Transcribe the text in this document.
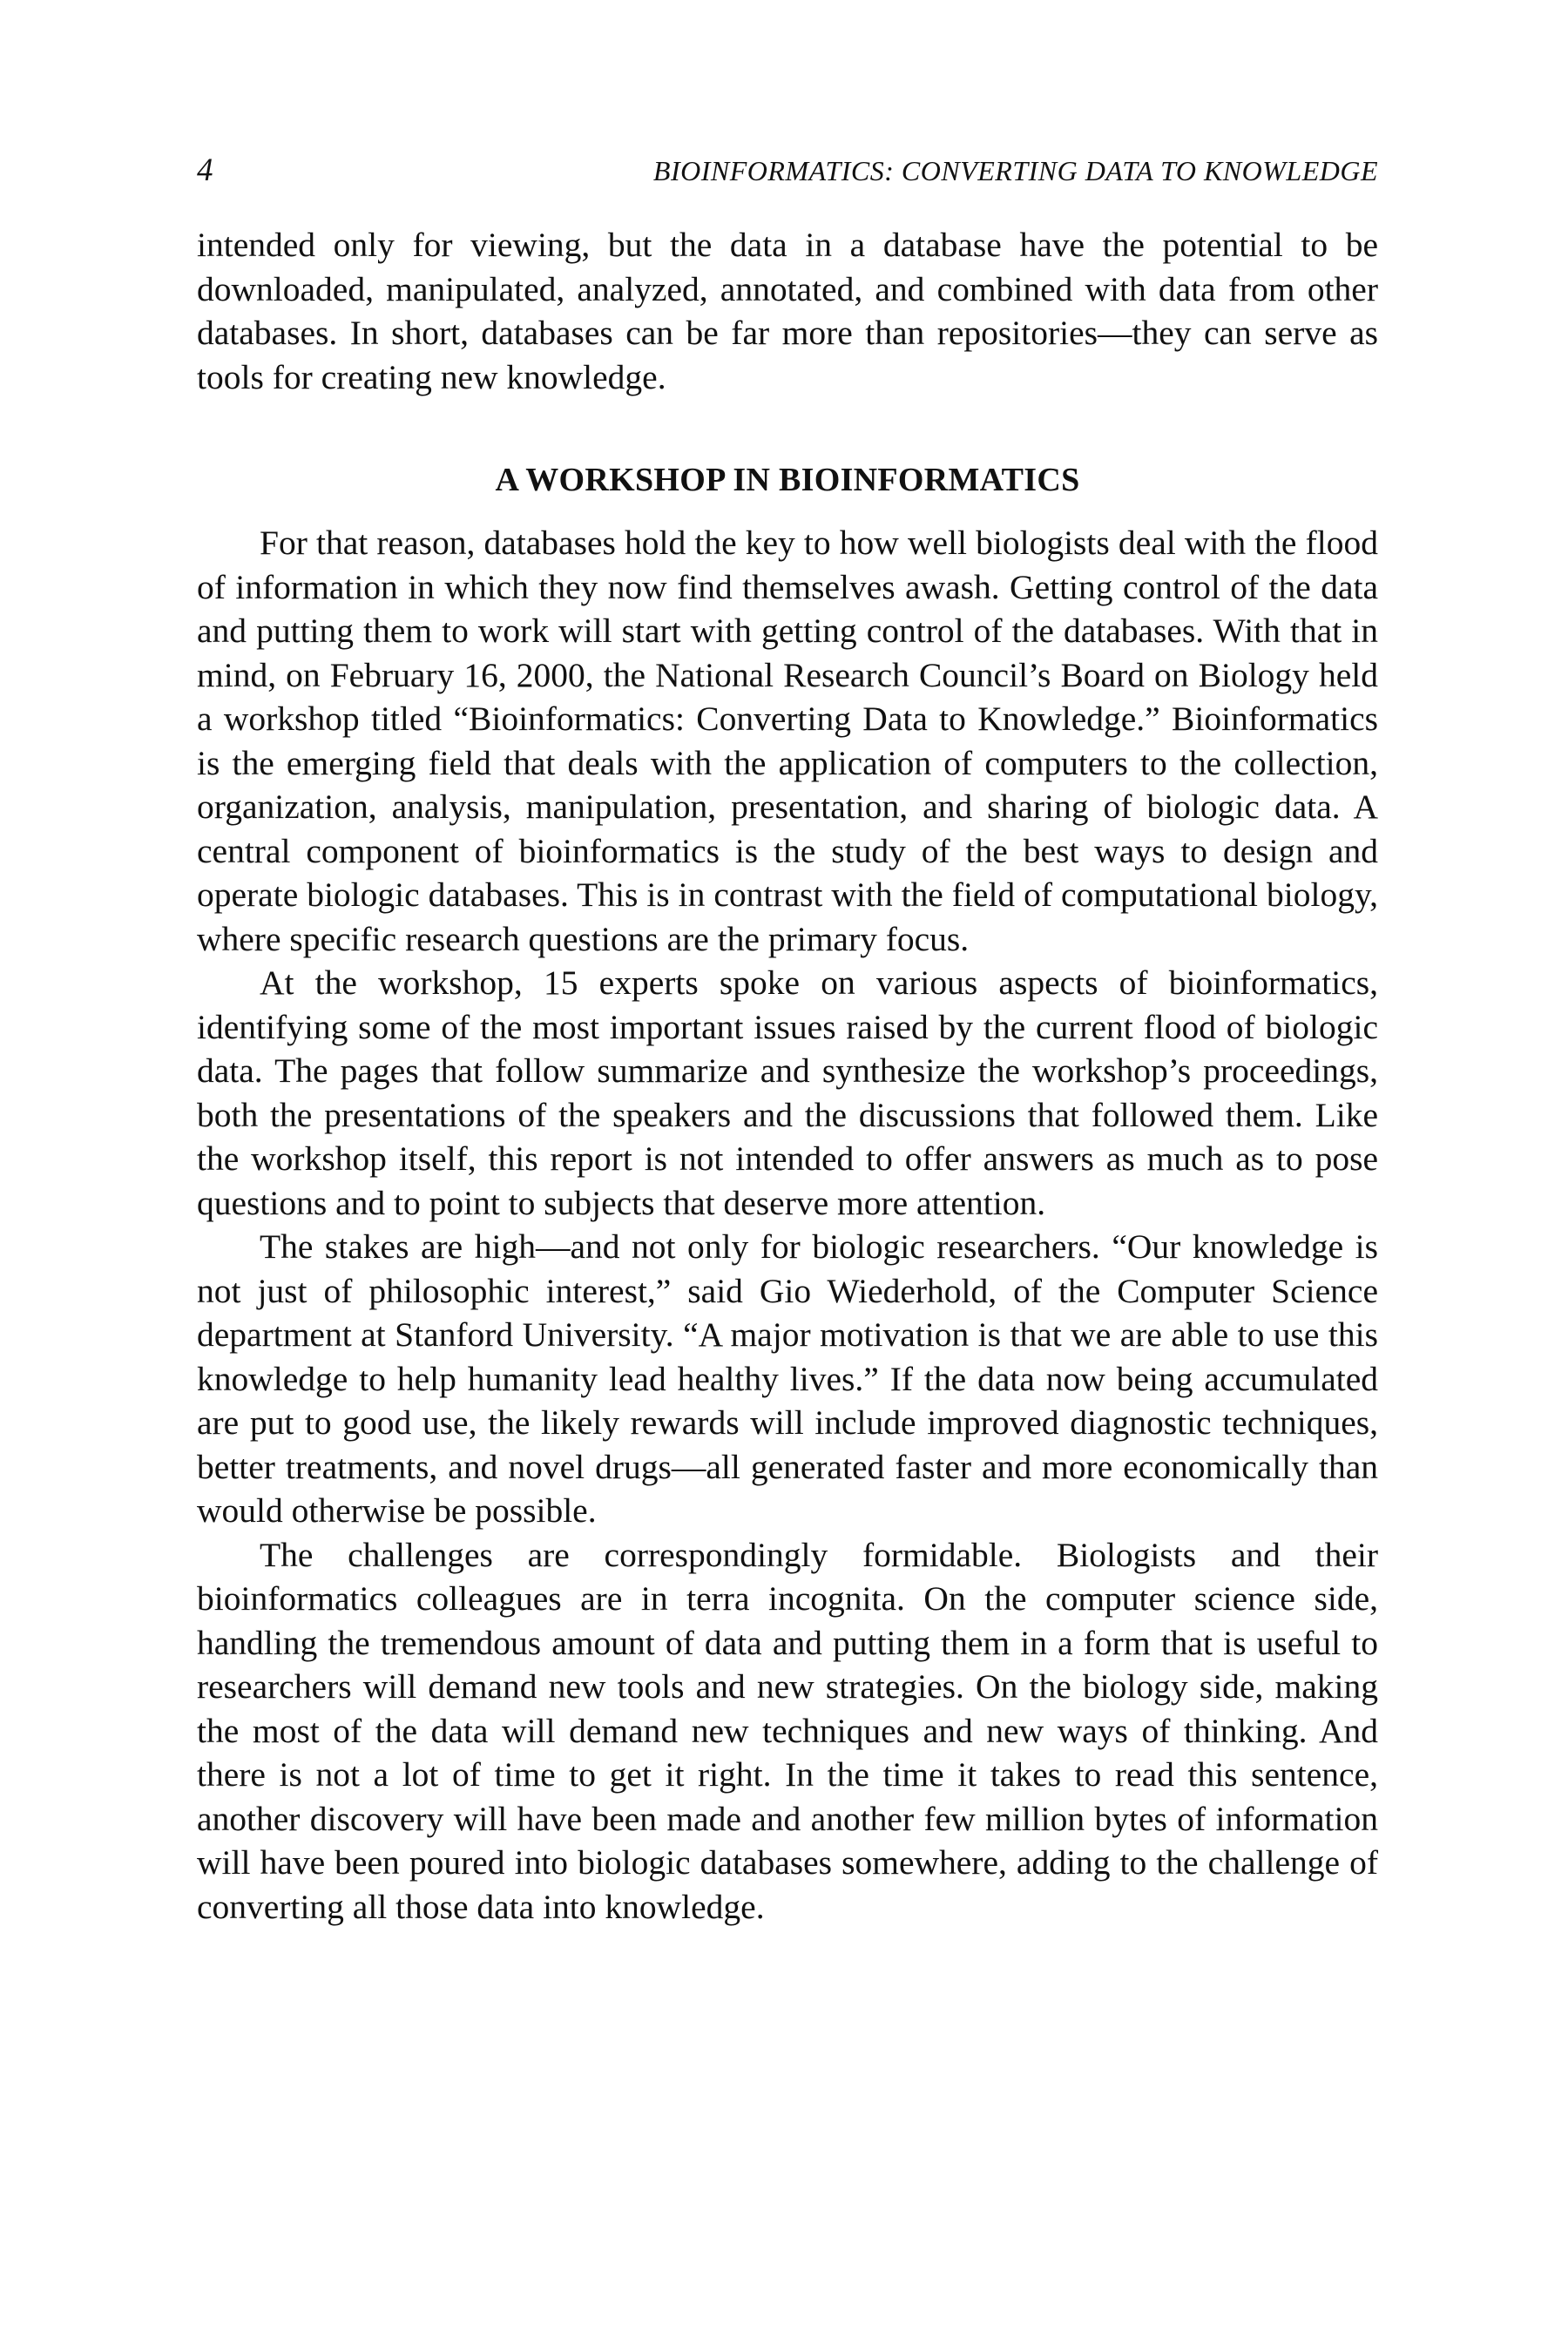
4	BIOINFORMATICS: CONVERTING DATA TO KNOWLEDGE

intended only for viewing, but the data in a database have the potential to be downloaded, manipulated, analyzed, annotated, and combined with data from other databases. In short, databases can be far more than repositories—they can serve as tools for creating new knowledge.

A WORKSHOP IN BIOINFORMATICS

For that reason, databases hold the key to how well biologists deal with the flood of information in which they now find themselves awash. Getting control of the data and putting them to work will start with getting control of the databases. With that in mind, on February 16, 2000, the National Research Council’s Board on Biology held a workshop titled “Bioinformatics: Converting Data to Knowledge.” Bioinformatics is the emerging field that deals with the application of computers to the collection, organization, analysis, manipulation, presentation, and sharing of biologic data. A central component of bioinformatics is the study of the best ways to design and operate biologic databases. This is in contrast with the field of computational biology, where specific research questions are the primary focus.

At the workshop, 15 experts spoke on various aspects of bioinformatics, identifying some of the most important issues raised by the current flood of biologic data. The pages that follow summarize and synthesize the workshop’s proceedings, both the presentations of the speakers and the discussions that followed them. Like the workshop itself, this report is not intended to offer answers as much as to pose questions and to point to subjects that deserve more attention.

The stakes are high—and not only for biologic researchers. “Our knowledge is not just of philosophic interest,” said Gio Wiederhold, of the Computer Science department at Stanford University. “A major motivation is that we are able to use this knowledge to help humanity lead healthy lives.” If the data now being accumulated are put to good use, the likely rewards will include improved diagnostic techniques, better treatments, and novel drugs—all generated faster and more economically than would otherwise be possible.

The challenges are correspondingly formidable. Biologists and their bioinformatics colleagues are in terra incognita. On the computer science side, handling the tremendous amount of data and putting them in a form that is useful to researchers will demand new tools and new strategies. On the biology side, making the most of the data will demand new techniques and new ways of thinking. And there is not a lot of time to get it right. In the time it takes to read this sentence, another discovery will have been made and another few million bytes of information will have been poured into biologic databases somewhere, adding to the challenge of converting all those data into knowledge.
